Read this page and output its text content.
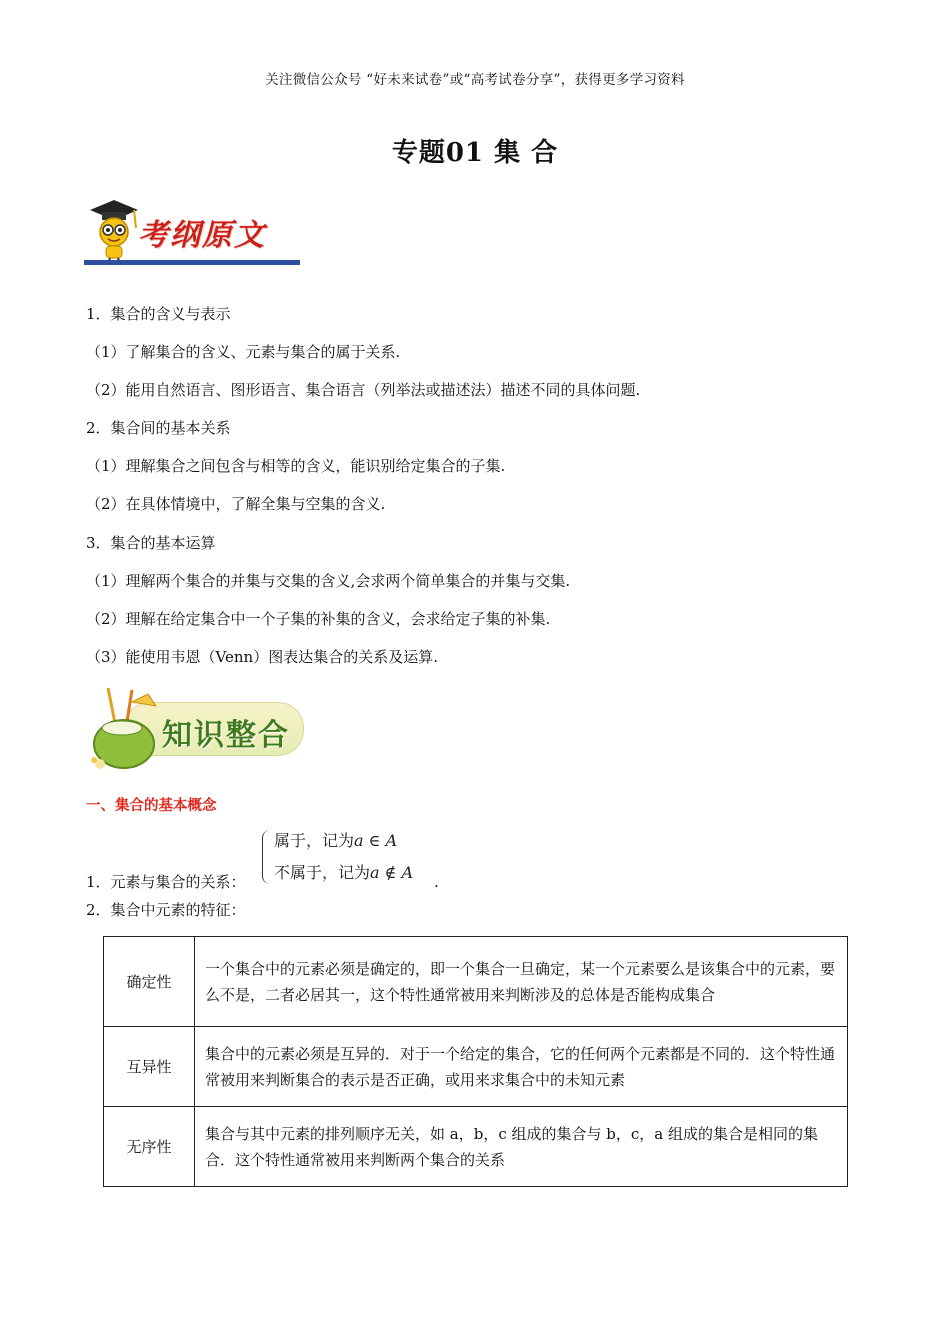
关注微信公众号 “好未来试卷”或“高考试卷分享”，获得更多学习资料
专题01 集 合
考纲原文
1．集合的含义与表示
（1）了解集合的含义、元素与集合的属于关系.
（2）能用自然语言、图形语言、集合语言（列举法或描述法）描述不同的具体问题.
2．集合间的基本关系
（1）理解集合之间包含与相等的含义，能识别给定集合的子集.
（2）在具体情境中，了解全集与空集的含义.
3．集合的基本运算
（1）理解两个集合的并集与交集的含义,会求两个简单集合的并集与交集.
（2）理解在给定集合中一个子集的补集的含义，会求给定子集的补集.
（3）能使用韦恩（Venn）图表达集合的关系及运算.
知识整合
一、集合的基本概念
1．元素与集合的关系：
属于，记为a ∈ A
不属于，记为a ∉ A .
2．集合中元素的特征：
确定性	一个集合中的元素必须是确定的，即一个集合一旦确定，某一个元素要么是该集合中的元素，要么不是，二者必居其一，这个特性通常被用来判断涉及的总体是否能构成集合
互异性	集合中的元素必须是互异的．对于一个给定的集合，它的任何两个元素都是不同的．这个特性通常被用来判断集合的表示是否正确，或用来求集合中的未知元素
无序性	集合与其中元素的排列顺序无关，如 a，b，c 组成的集合与 b，c，a 组成的集合是相同的集合．这个特性通常被用来判断两个集合的关系
